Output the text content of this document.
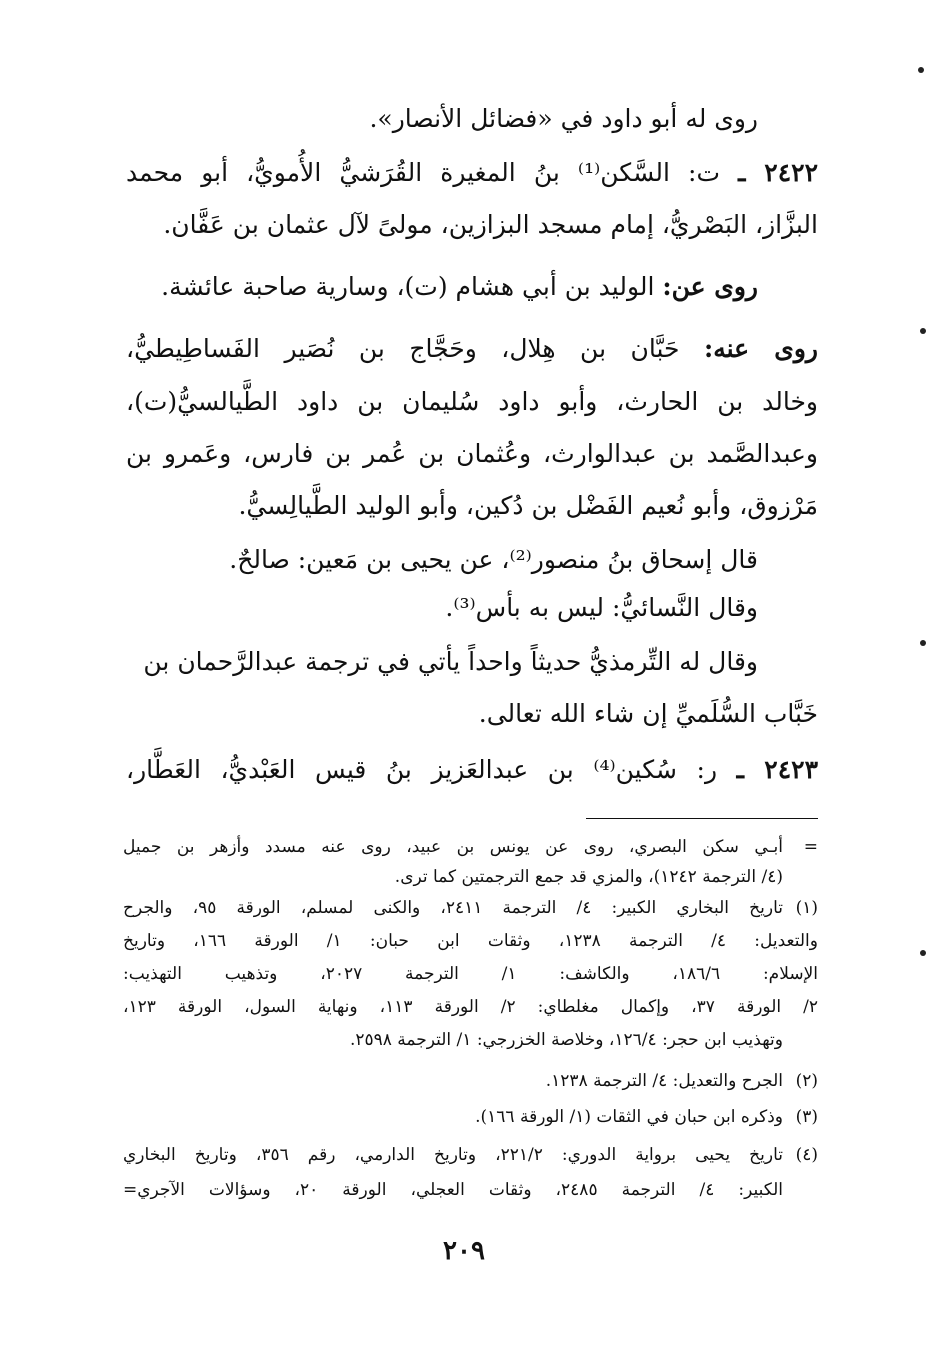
روى له أبو داود في «فضائل الأنصار».
٢٤٢٢ ـ ت: السَّكن⁽¹⁾ بنُ المغيرة القُرَشيُّ الأُمويُّ، أبو محمد
البزَّاز، البَصْريُّ، إمام مسجد البزازين، مولىً لآل عثمان بن عَفَّان.
روى عن: الوليد بن أبي هشام (ت)، وسارية صاحبة عائشة.
روى عنه: حَبَّان بن هِلال، وحَجَّاج بن نُصَير الفَساطِيطيُّ،
وخالد بن الحارث، وأبو داود سُليمان بن داود الطَّيالسيُّ(ت)،
وعبدالصَّمد بن عبدالوارث، وعُثمان بن عُمر بن فارس، وعَمرو بن
مَرْزوق، وأبو نُعيم الفَضْل بن دُكين، وأبو الوليد الطَّيالِسيُّ.
قال إسحاق بنُ منصور⁽²⁾، عن يحيى بن مَعين: صالحٌ.
وقال النَّسائيُّ: ليس به بأس⁽³⁾.
وقال له التِّرمذيُّ حديثاً واحداً يأتي في ترجمة عبدالرَّحمان بن
خَبَّاب السُّلَميِّ إن شاء الله تعالى.
٢٤٢٣ ـ ر: سُكين⁽⁴⁾ بن عبدالعَزيز بنُ قيس العَبْديُّ، العَطَّار،
=
أبـي سكن البصري، روى عن يونس بن عبيد، روى عنه مسدد وأزهر بن جميل
(٤/ الترجمة ١٢٤٢)، والمزي قد جمع الترجمتين كما ترى.
(١)
تاريخ البخاري الكبير: ٤/ الترجمة ٢٤١١، والكنى لمسلم، الورقة ٩٥، والجرح
والتعديل: ٤/ الترجمة ١٢٣٨، وثقات ابن حبان: ١/ الورقة ١٦٦، وتاريخ
الإسلام: ١٨٦/٦، والكاشف: ١/ الترجمة ٢٠٢٧، وتذهيب التهذيب:
٢/ الورقة ٣٧، وإكمال مغلطاي: ٢/ الورقة ١١٣، ونهاية السول، الورقة ١٢٣،
وتهذيب ابن حجر: ١٢٦/٤، وخلاصة الخزرجي: ١/ الترجمة ٢٥٩٨.
(٢)
الجرح والتعديل: ٤/ الترجمة ١٢٣٨.
(٣)
وذكره ابن حبان في الثقات (١/ الورقة ١٦٦).
(٤)
تاريخ يحيى برواية الدوري: ٢٢١/٢، وتاريخ الدارمي، رقم ٣٥٦، وتاريخ البخاري
الكبير: ٤/ الترجمة ٢٤٨٥، وثقات العجلي، الورقة ٢٠، وسؤالات الآجري=
٢٠٩
